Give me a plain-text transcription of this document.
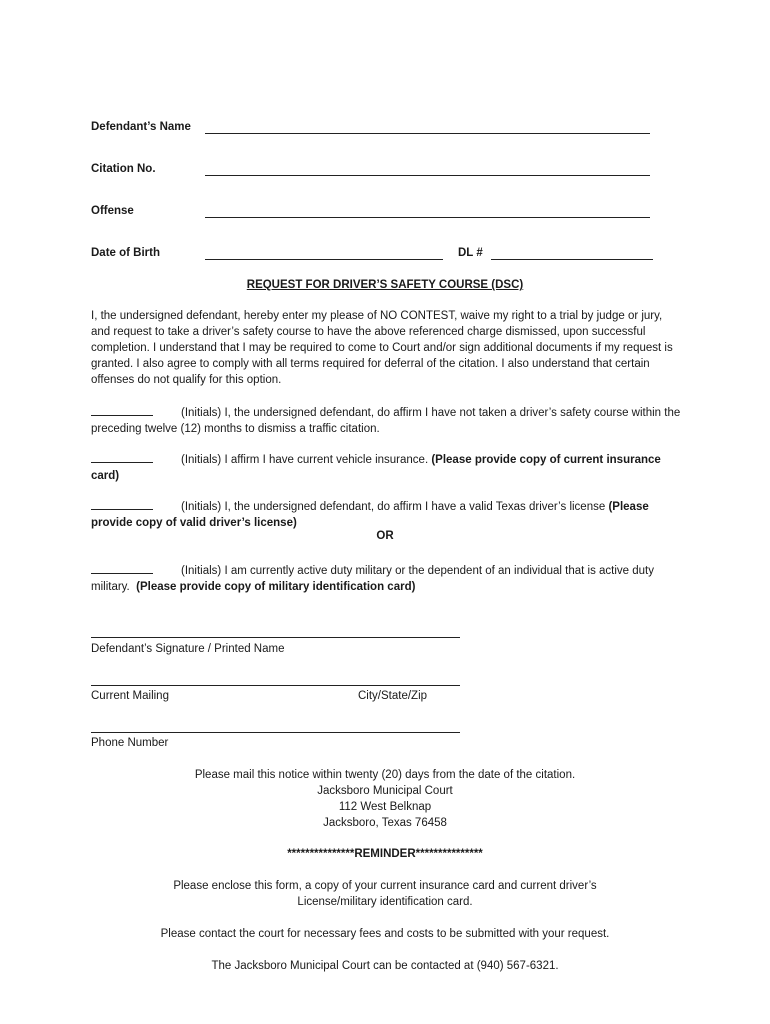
Defendant’s Name
Citation No.
Offense
Date of Birth	DL #
REQUEST FOR DRIVER’S SAFETY COURSE (DSC)
I, the undersigned defendant, hereby enter my please of NO CONTEST, waive my right to a trial by judge or jury, and request to take a driver’s safety course to have the above referenced charge dismissed, upon successful completion. I understand that I may be required to come to Court and/or sign additional documents if my request is granted. I also agree to comply with all terms required for deferral of the citation. I also understand that certain offenses do not qualify for this option.
(Initials) I, the undersigned defendant, do affirm I have not taken a driver’s safety course within the preceding twelve (12) months to dismiss a traffic citation.
(Initials) I affirm I have current vehicle insurance. (Please provide copy of current insurance card)
(Initials) I, the undersigned defendant, do affirm I have a valid Texas driver’s license (Please provide copy of valid driver’s license)
OR
(Initials) I am currently active duty military or the dependent of an individual that is active duty military. (Please provide copy of military identification card)
Defendant’s Signature / Printed Name
Current Mailing	City/State/Zip
Phone Number
Please mail this notice within twenty (20) days from the date of the citation.
Jacksboro Municipal Court
112 West Belknap
Jacksboro, Texas 76458
***************REMINDER***************
Please enclose this form, a copy of your current insurance card and current driver’s
License/military identification card.
Please contact the court for necessary fees and costs to be submitted with your request.
The Jacksboro Municipal Court can be contacted at (940) 567-6321.
